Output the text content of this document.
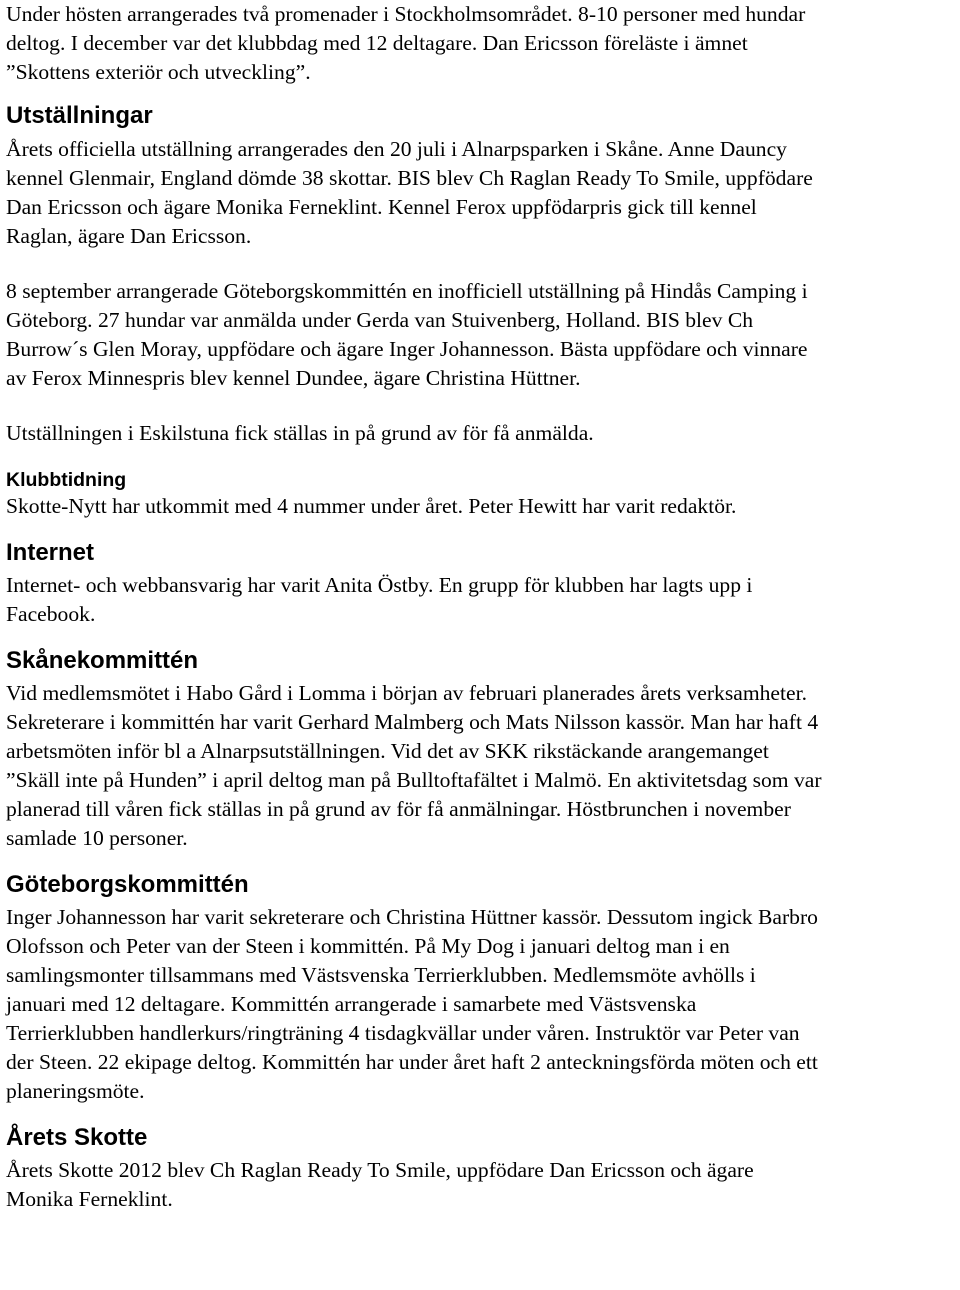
Under hösten arrangerades två promenader i Stockholmsområdet. 8-10 personer med hundar
deltog. I december var det klubbdag med 12 deltagare. Dan Ericsson föreläste i ämnet
”Skottens exteriör och utveckling”.
Utställningar
Årets officiella utställning arrangerades den 20 juli i Alnarpsparken i Skåne. Anne Dauncy
kennel Glenmair, England dömde 38 skottar. BIS blev Ch Raglan Ready To Smile, uppfödare
Dan Ericsson och ägare Monika Ferneklint. Kennel Ferox uppfödarpris gick till kennel
Raglan, ägare Dan Ericsson.
8 september arrangerade Göteborgskommittén en inofficiell utställning på Hindås Camping i
Göteborg. 27 hundar var anmälda under Gerda van Stuivenberg, Holland. BIS blev Ch
Burrow´s Glen Moray, uppfödare och ägare Inger Johannesson. Bästa uppfödare och vinnare
av Ferox Minnespris blev kennel Dundee, ägare Christina Hüttner.
Utställningen i Eskilstuna fick ställas in på grund av för få anmälda.
Klubbtidning
Skotte-Nytt har utkommit med 4 nummer under året. Peter Hewitt har varit redaktör.
Internet
Internet- och webbansvarig har varit Anita Östby. En grupp för klubben har lagts upp i
Facebook.
Skånekommittén
Vid medlemsmötet i Habo Gård i Lomma i början av februari planerades årets verksamheter.
Sekreterare i kommittén har varit Gerhard Malmberg och Mats Nilsson kassör. Man har haft 4
arbetsmöten inför bl a Alnarpsutställningen. Vid det av SKK rikstäckande arangemanget
”Skäll inte på Hunden” i april deltog man på Bulltoftafältet i Malmö. En aktivitetsdag som var
planerad till våren fick ställas in på grund av för få anmälningar. Höstbrunchen i november
samlade 10 personer.
Göteborgskommittén
Inger Johannesson har varit sekreterare och Christina Hüttner kassör. Dessutom ingick Barbro
Olofsson och Peter van der Steen i kommittén. På My Dog i januari deltog man i en
samlingsmonter tillsammans med Västsvenska Terrierklubben. Medlemsmöte avhölls i
januari med 12 deltagare. Kommittén arrangerade i samarbete med Västsvenska
Terrierklubben handlerkurs/ringträning 4 tisdagkvällar under våren. Instruktör var Peter van
der Steen. 22 ekipage deltog. Kommittén har under året haft 2 anteckningsförda möten och ett
planeringsmöte.
Årets Skotte
Årets Skotte 2012 blev Ch Raglan Ready To Smile, uppfödare Dan Ericsson och ägare
Monika Ferneklint.
